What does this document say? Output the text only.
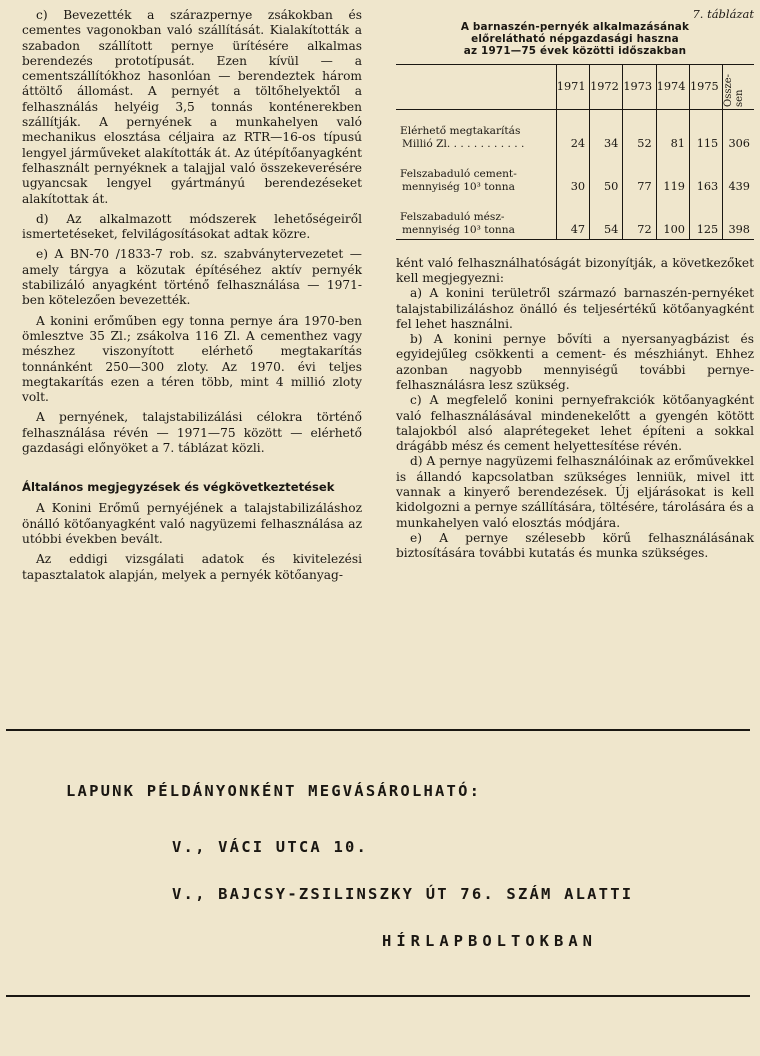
c) Bevezették a szárazpernye zsákokban és cementes vagonokban való szállítását. Kialakították a szabadon szállított pernye ürítésére alkalmas berendezés prototípusát. Ezen kívül — a cementszállítókhoz hasonlóan — berendeztek három áttöltő állomást. A pernyét a töltőhelyektől a felhasználás helyéig 3,5 tonnás konténerekben szállítják. A pernyének a munkahelyen való mechanikus elosztása céljaira az RTR—16-os típusú lengyel járműveket alakították át. Az útépítőanyagként felhasznált pernyéknek a talajjal való összekeverésére ugyancsak lengyel gyártmányú berendezéseket alakítottak át.

d) Az alkalmazott módszerek lehetőségeiről ismertetéseket, felvilágosításokat adtak közre.

e) A BN-70 /1833-7 rob. sz. szabványtervezetet — amely tárgya a közutak építéséhez aktív pernyék stabilizáló anyagként történő felhasználása — 1971-ben kötelezően bevezették.

A konini erőműben egy tonna pernye ára 1970-ben ömlesztve 35 Zl.; zsákolva 116 Zl. A cementhez vagy mészhez viszonyított elérhető megtakarítás tonnánként 250—300 zloty. Az 1970. évi teljes megtakarítás ezen a téren több, mint 4 millió zloty volt.

A pernyének, talajstabilizálási célokra történő felhasználása révén — 1971—75 között — elérhető gazdasági előnyöket a 7. táblázat közli.

Általános megjegyzések és végkövetkeztetések

A Konini Erőmű pernyéjének a talajstabilizáláshoz önálló kötőanyagként való nagyüzemi felhasználása az utóbbi években bevált.

Az eddigi vizsgálati adatok és kivitelezési tapasztalatok alapján, melyek a pernyék kötőanyag-

7. táblázat
A barnaszén-pernyék alkalmazásának
előrelátható népgazdasági hasznа
az 1971—75 évek közötti időszakban
	1971	1972	1973	1974	1975	Össze-sen
Elérhető megtakarítás
Millió Zl. . . . . . . . . . . .	24	34	52	81	115	306
Felszabaduló cement-
mennyiség 10³ tonna	30	50	77	119	163	439
Felszabaduló mész-
mennyiség 10³ tonna	47	54	72	100	125	398

ként való felhasználhatóságát bizonyítják, a következőket kell megjegyezni:

a) A konini területről származó barnaszén-pernyéket talajstabilizáláshoz önálló és teljesértékű kötőanyagként fel lehet használni.

b) A konini pernye bővíti a nyersanyagbázist és egyidejűleg csökkenti a cement- és mészhiányt. Ehhez azonban nagyobb mennyiségű további pernye-felhasználásra lesz szükség.

c) A megfelelő konini pernyefrakciók kötőanyagként való felhasználásával mindenekelőtt a gyengén kötött talajokból alsó alaprétegeket lehet építeni a sokkal drágább mész és cement helyettesítése révén.

d) A pernye nagyüzemi felhasználóinak az erőművekkel is állandó kapcsolatban szükséges lenniük, mivel itt vannak a kinyerő berendezések. Új eljárásokat is kell kidolgozni a pernye szállítására, töltésére, tárolására és a munkahelyen való elosztás módjára.

e) A pernye szélesebb körű felhasználásának biztosítására további kutatás és munka szükséges.

LAPUNK PÉLDÁNYONKÉNT MEGVÁSÁROLHATÓ:
V., VÁCI UTCA 10.
V., BAJCSY-ZSILINSZKY ÚT 76. SZÁM ALATTI
HÍRLAPBOLTOKBAN
